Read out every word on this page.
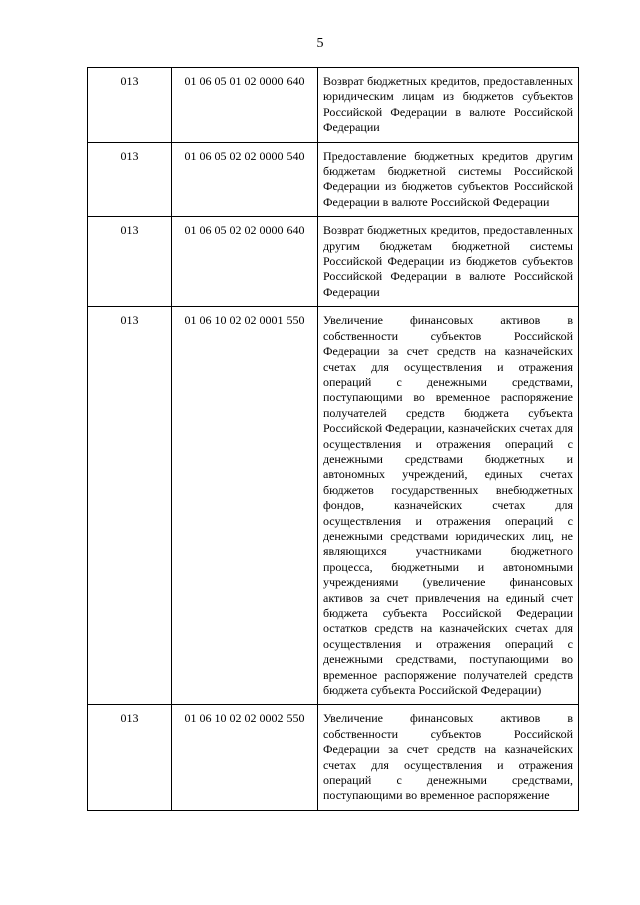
5
013	01 06 05 01 02 0000 640	Возврат бюджетных кредитов, предоставленных юридическим лицам из бюджетов субъектов Российской Федерации в валюте Российской Федерации
013	01 06 05 02 02 0000 540	Предоставление бюджетных кредитов другим бюджетам бюджетной системы Российской Федерации из бюджетов субъектов Российской Федерации в валюте Российской Федерации
013	01 06 05 02 02 0000 640	Возврат бюджетных кредитов, предоставленных другим бюджетам бюджетной системы Российской Федерации из бюджетов субъектов Российской Федерации в валюте Российской Федерации
013	01 06 10 02 02 0001 550	Увеличение финансовых активов в собственности субъектов Российской Федерации за счет средств на казначейских счетах для осуществления и отражения операций с денежными средствами, поступающими во временное распоряжение получателей средств бюджета субъекта Российской Федерации, казначейских счетах для осуществления и отражения операций с денежными средствами бюджетных и автономных учреждений, единых счетах бюджетов государственных внебюджетных фондов, казначейских счетах для осуществления и отражения операций с денежными средствами юридических лиц, не являющихся участниками бюджетного процесса, бюджетными и автономными учреждениями (увеличение финансовых активов за счет привлечения на единый счет бюджета субъекта Российской Федерации остатков средств на казначейских счетах для осуществления и отражения операций с денежными средствами, поступающими во временное распоряжение получателей средств бюджета субъекта Российской Федерации)
013	01 06 10 02 02 0002 550	Увеличение финансовых активов в собственности субъектов Российской Федерации за счет средств на казначейских счетах для осуществления и отражения операций с денежными средствами, поступающими во временное распоряжение
